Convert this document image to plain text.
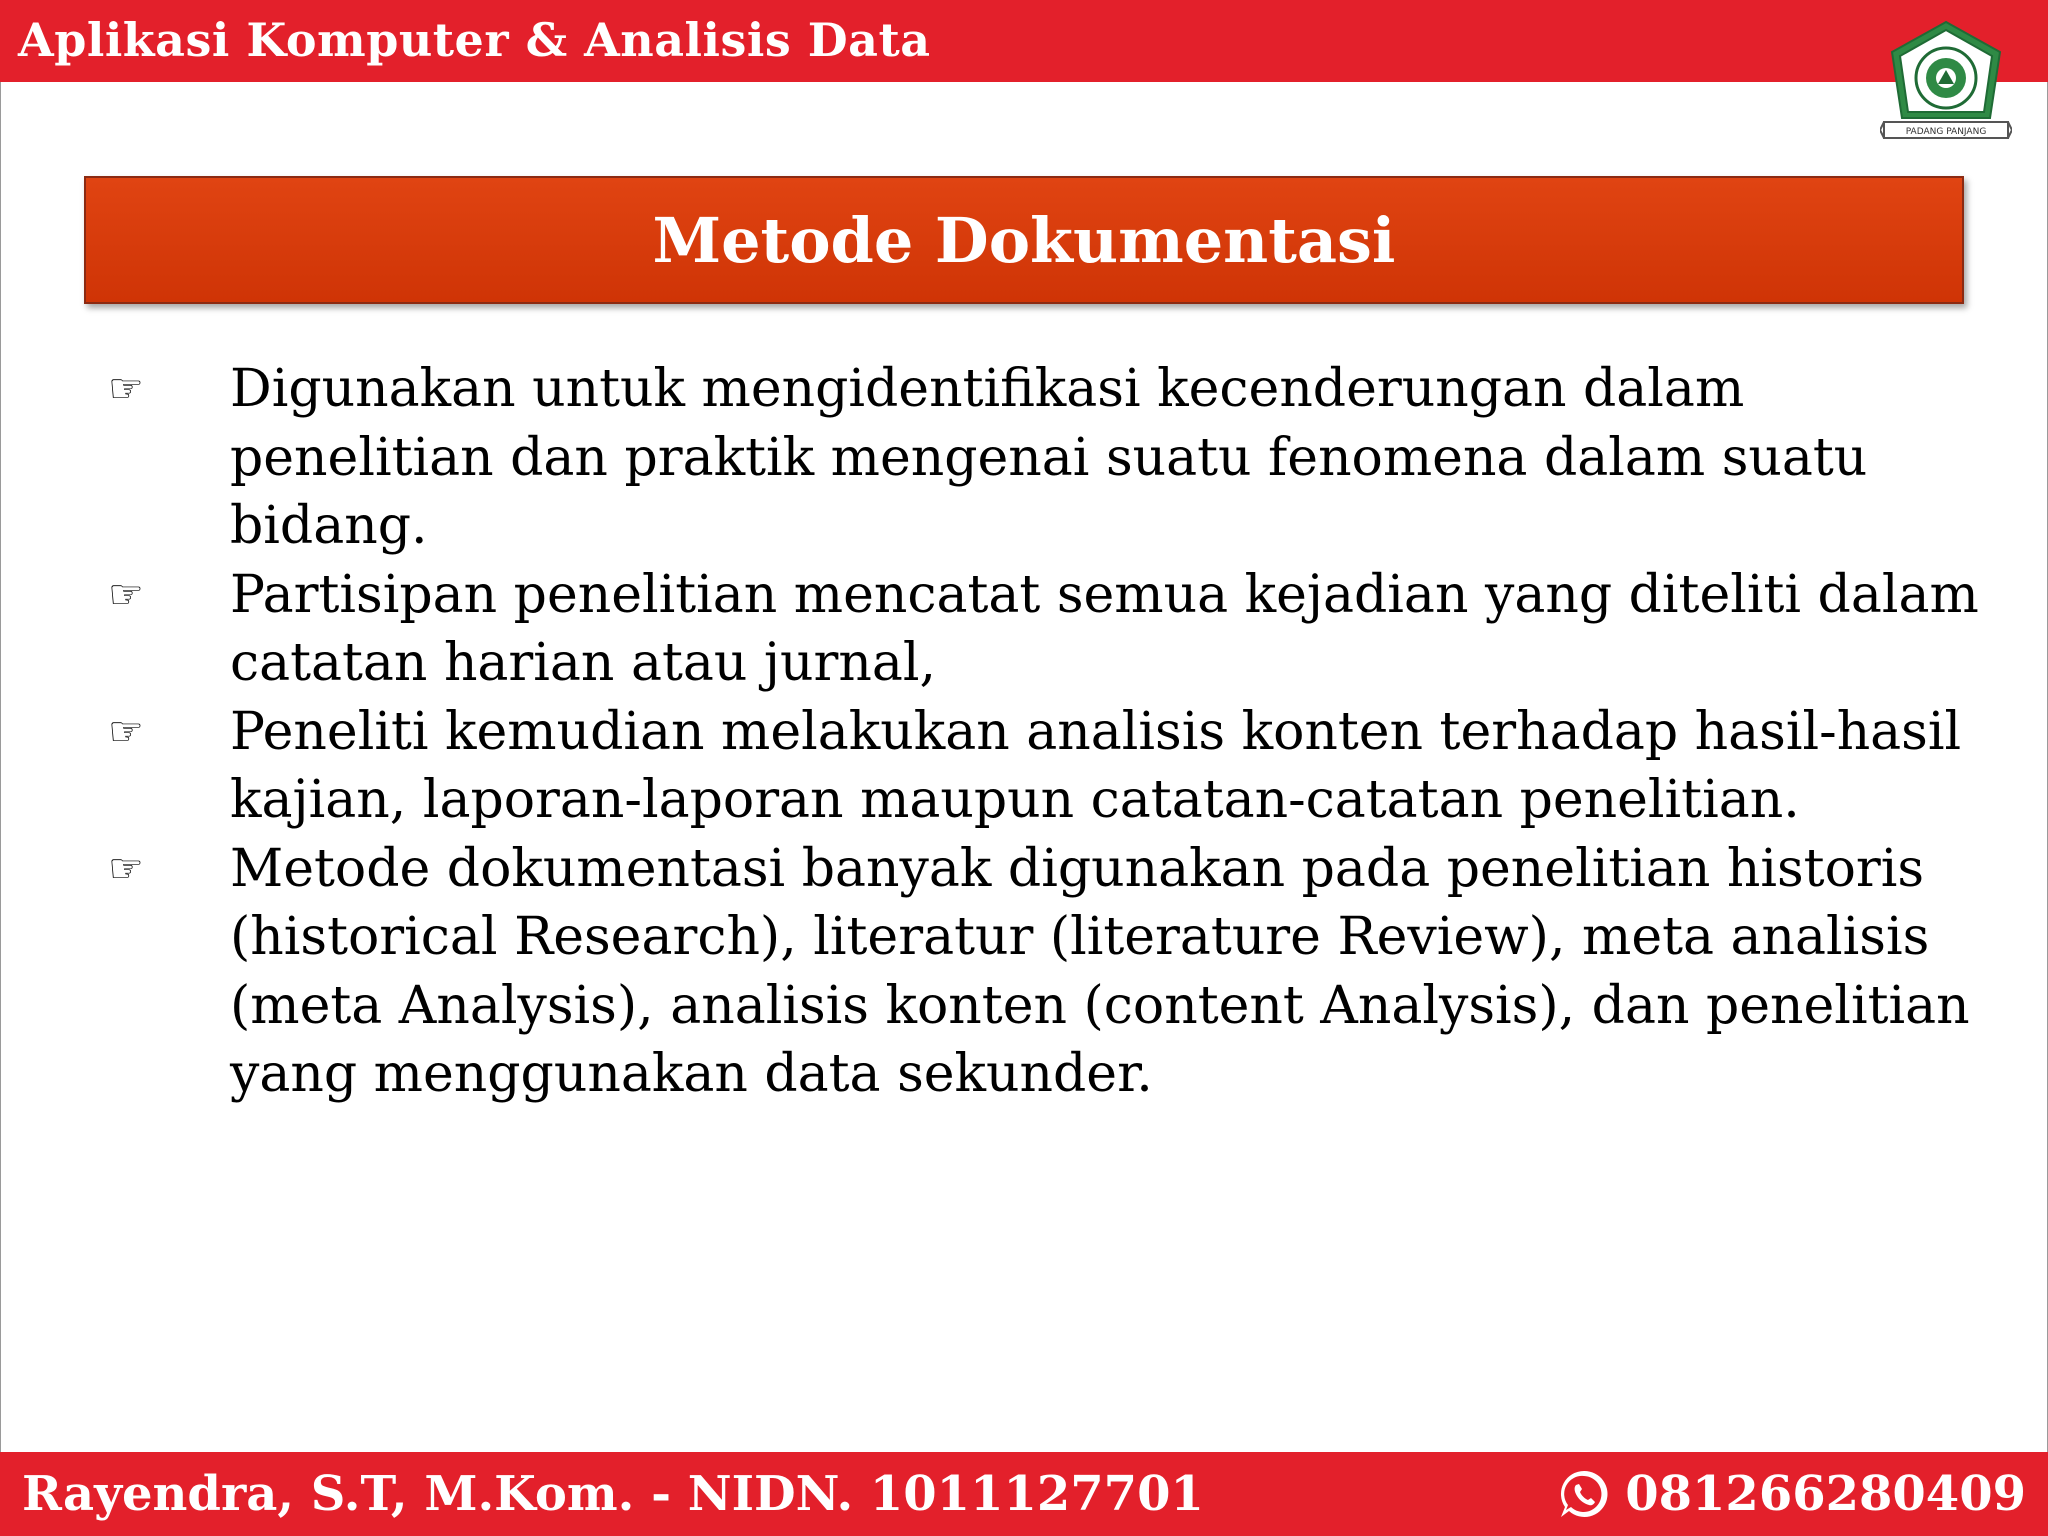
Aplikasi Komputer & Analisis Data
PADANG PANJANG
Metode Dokumentasi
☞ Digunakan untuk mengidentifikasi kecenderungan dalam penelitian dan praktik mengenai suatu fenomena dalam suatu bidang.
☞ Partisipan penelitian mencatat semua kejadian yang diteliti dalam catatan harian atau jurnal,
☞ Peneliti kemudian melakukan analisis konten terhadap hasil-hasil kajian, laporan-laporan maupun catatan-catatan penelitian.
☞ Metode dokumentasi banyak digunakan pada penelitian historis (historical Research), literatur (literature Review), meta analisis (meta Analysis), analisis konten (content Analysis), dan penelitian yang menggunakan data sekunder.
Rayendra, S.T, M.Kom. - NIDN. 1011127701	081266280409
